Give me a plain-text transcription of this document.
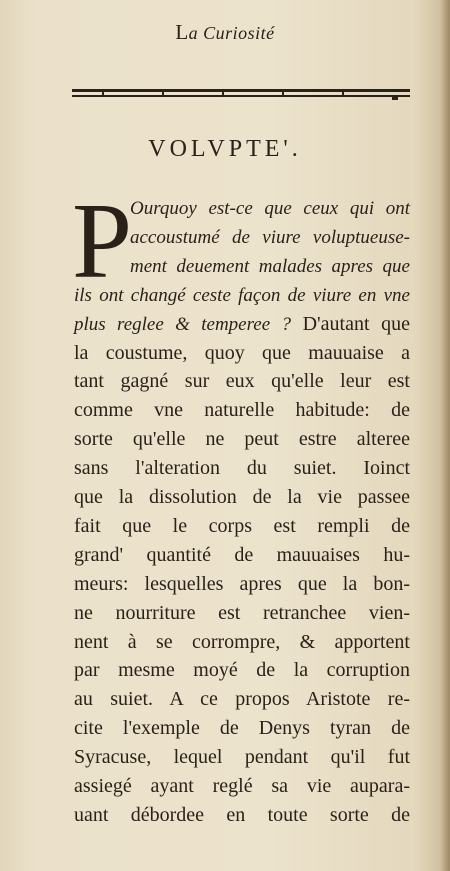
La Curiosité
VOLVPTE'.
P
Ourquoy est-ce que ceux qui ont
accoustumé de viure voluptueuse-
ment deuement malades apres que
ils ont changé ceste façon de viure en vne
plus reglee & temperee ? D'autant que
la coustume, quoy que mauuaise a
tant gagné sur eux qu'elle leur est
comme vne naturelle habitude: de
sorte qu'elle ne peut estre alteree
sans l'alteration du suiet. Ioinct
que la dissolution de la vie passee
fait que le corps est rempli de
grand' quantité de mauuaises hu-
meurs: lesquelles apres que la bon-
ne nourriture est retranchee vien-
nent à se corrompre, & apportent
par mesme moyé de la corruption
au suiet. A ce propos Aristote re-
cite l'exemple de Denys tyran de
Syracuse, lequel pendant qu'il fut
assiegé ayant reglé sa vie aupara-
uant débordee en toute sorte de
